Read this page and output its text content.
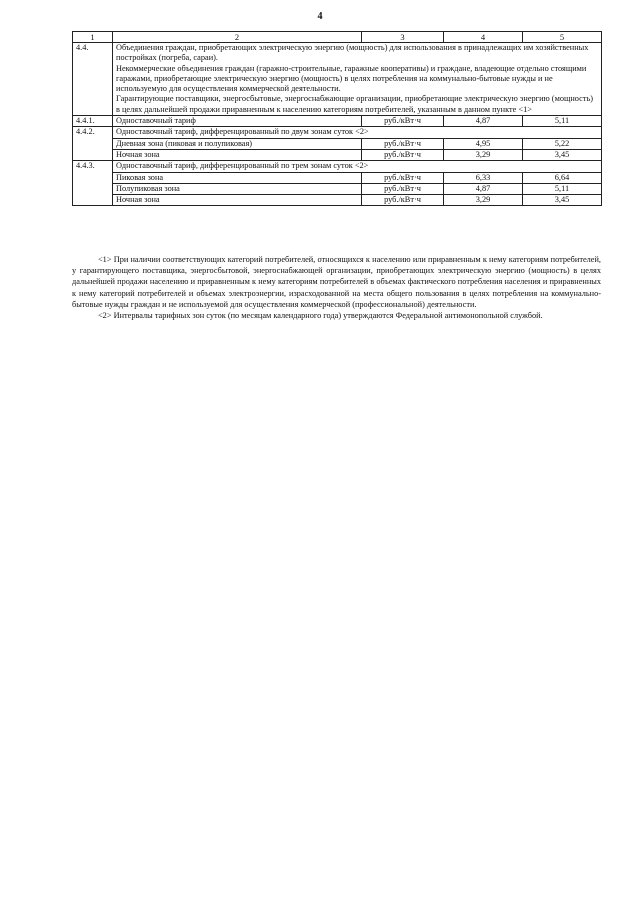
4
1	2	3	4	5
4.4.	Объединения граждан, приобретающих электрическую энергию (мощность) для использования в принадлежащих им хозяйственных постройках (погреба, сараи).
Некоммерческие объединения граждан (гаражно-строительные, гаражные кооперативы) и граждане, владеющие отдельно стоящими гаражами, приобретающие электрическую энергию (мощность) в целях потребления на коммунально-бытовые нужды и не используемую для осуществления коммерческой деятельности.
Гарантирующие поставщики, энергосбытовые, энергоснабжающие организации, приобретающие электрическую энергию (мощность) в целях дальнейшей продажи приравненным к населению категориям потребителей, указанным в данном пункте <1>			

4.4.1.	Одноставочный тариф	руб./кВт·ч	4,87	5,11
4.4.2.	Одноставочный тариф, дифференцированный по двум зонам суток <2>			
	Дневная зона (пиковая и полупиковая)	руб./кВт·ч	4,95	5,22
	Ночная зона	руб./кВт·ч	3,29	3,45
4.4.3.	Одноставочный тариф, дифференцированный по трем зонам суток <2>			
	Пиковая зона	руб./кВт·ч	6,33	6,64
	Полупиковая зона	руб./кВт·ч	4,87	5,11
	Ночная зона	руб./кВт·ч	3,29	3,45

<1> При наличии соответствующих категорий потребителей, относящихся к населению или приравненным к нему категориям потребителей, у гарантирующего поставщика, энергосбытовой, энергоснабжающей организации, приобретающих электрическую энергию (мощность) в целях дальнейшей продажи населению и приравненным к нему категориям потребителей в объемах фактического потребления населения и приравненных к нему категорий потребителей и объемах электроэнергии, израсходованной на места общего пользования в целях потребления на коммунально-бытовые нужды граждан и не используемой для осуществления коммерческой (профессиональной) деятельности.

<2> Интервалы тарифных зон суток (по месяцам календарного года) утверждаются Федеральной антимонопольной службой.
